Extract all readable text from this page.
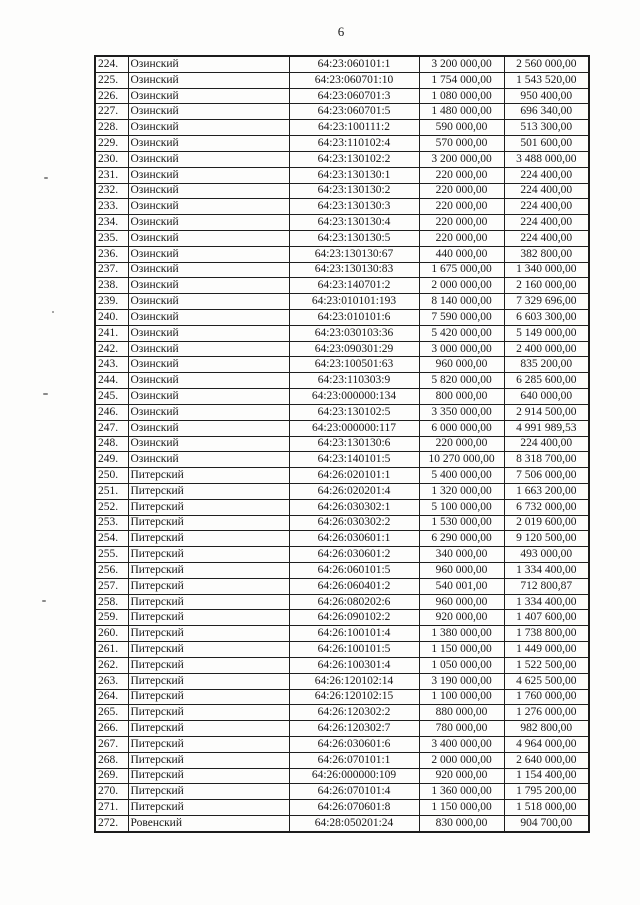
6
224.	Озинский	64:23:060101:1	3 200 000,00	2 560 000,00
225.	Озинский	64:23:060701:10	1 754 000,00	1 543 520,00
226.	Озинский	64:23:060701:3	1 080 000,00	950 400,00
227.	Озинский	64:23:060701:5	1 480 000,00	696 340,00
228.	Озинский	64:23:100111:2	590 000,00	513 300,00
229.	Озинский	64:23:110102:4	570 000,00	501 600,00
230.	Озинский	64:23:130102:2	3 200 000,00	3 488 000,00
231.	Озинский	64:23:130130:1	220 000,00	224 400,00
232.	Озинский	64:23:130130:2	220 000,00	224 400,00
233.	Озинский	64:23:130130:3	220 000,00	224 400,00
234.	Озинский	64:23:130130:4	220 000,00	224 400,00
235.	Озинский	64:23:130130:5	220 000,00	224 400,00
236.	Озинский	64:23:130130:67	440 000,00	382 800,00
237.	Озинский	64:23:130130:83	1 675 000,00	1 340 000,00
238.	Озинский	64:23:140701:2	2 000 000,00	2 160 000,00
239.	Озинский	64:23:010101:193	8 140 000,00	7 329 696,00
240.	Озинский	64:23:010101:6	7 590 000,00	6 603 300,00
241.	Озинский	64:23:030103:36	5 420 000,00	5 149 000,00
242.	Озинский	64:23:090301:29	3 000 000,00	2 400 000,00
243.	Озинский	64:23:100501:63	960 000,00	835 200,00
244.	Озинский	64:23:110303:9	5 820 000,00	6 285 600,00
245.	Озинский	64:23:000000:134	800 000,00	640 000,00
246.	Озинский	64:23:130102:5	3 350 000,00	2 914 500,00
247.	Озинский	64:23:000000:117	6 000 000,00	4 991 989,53
248.	Озинский	64:23:130130:6	220 000,00	224 400,00
249.	Озинский	64:23:140101:5	10 270 000,00	8 318 700,00
250.	Питерский	64:26:020101:1	5 400 000,00	7 506 000,00
251.	Питерский	64:26:020201:4	1 320 000,00	1 663 200,00
252.	Питерский	64:26:030302:1	5 100 000,00	6 732 000,00
253.	Питерский	64:26:030302:2	1 530 000,00	2 019 600,00
254.	Питерский	64:26:030601:1	6 290 000,00	9 120 500,00
255.	Питерский	64:26:030601:2	340 000,00	493 000,00
256.	Питерский	64:26:060101:5	960 000,00	1 334 400,00
257.	Питерский	64:26:060401:2	540 001,00	712 800,87
258.	Питерский	64:26:080202:6	960 000,00	1 334 400,00
259.	Питерский	64:26:090102:2	920 000,00	1 407 600,00
260.	Питерский	64:26:100101:4	1 380 000,00	1 738 800,00
261.	Питерский	64:26:100101:5	1 150 000,00	1 449 000,00
262.	Питерский	64:26:100301:4	1 050 000,00	1 522 500,00
263.	Питерский	64:26:120102:14	3 190 000,00	4 625 500,00
264.	Питерский	64:26:120102:15	1 100 000,00	1 760 000,00
265.	Питерский	64:26:120302:2	880 000,00	1 276 000,00
266.	Питерский	64:26:120302:7	780 000,00	982 800,00
267.	Питерский	64:26:030601:6	3 400 000,00	4 964 000,00
268.	Питерский	64:26:070101:1	2 000 000,00	2 640 000,00
269.	Питерский	64:26:000000:109	920 000,00	1 154 400,00
270.	Питерский	64:26:070101:4	1 360 000,00	1 795 200,00
271.	Питерский	64:26:070601:8	1 150 000,00	1 518 000,00
272.	Ровенский	64:28:050201:24	830 000,00	904 700,00
